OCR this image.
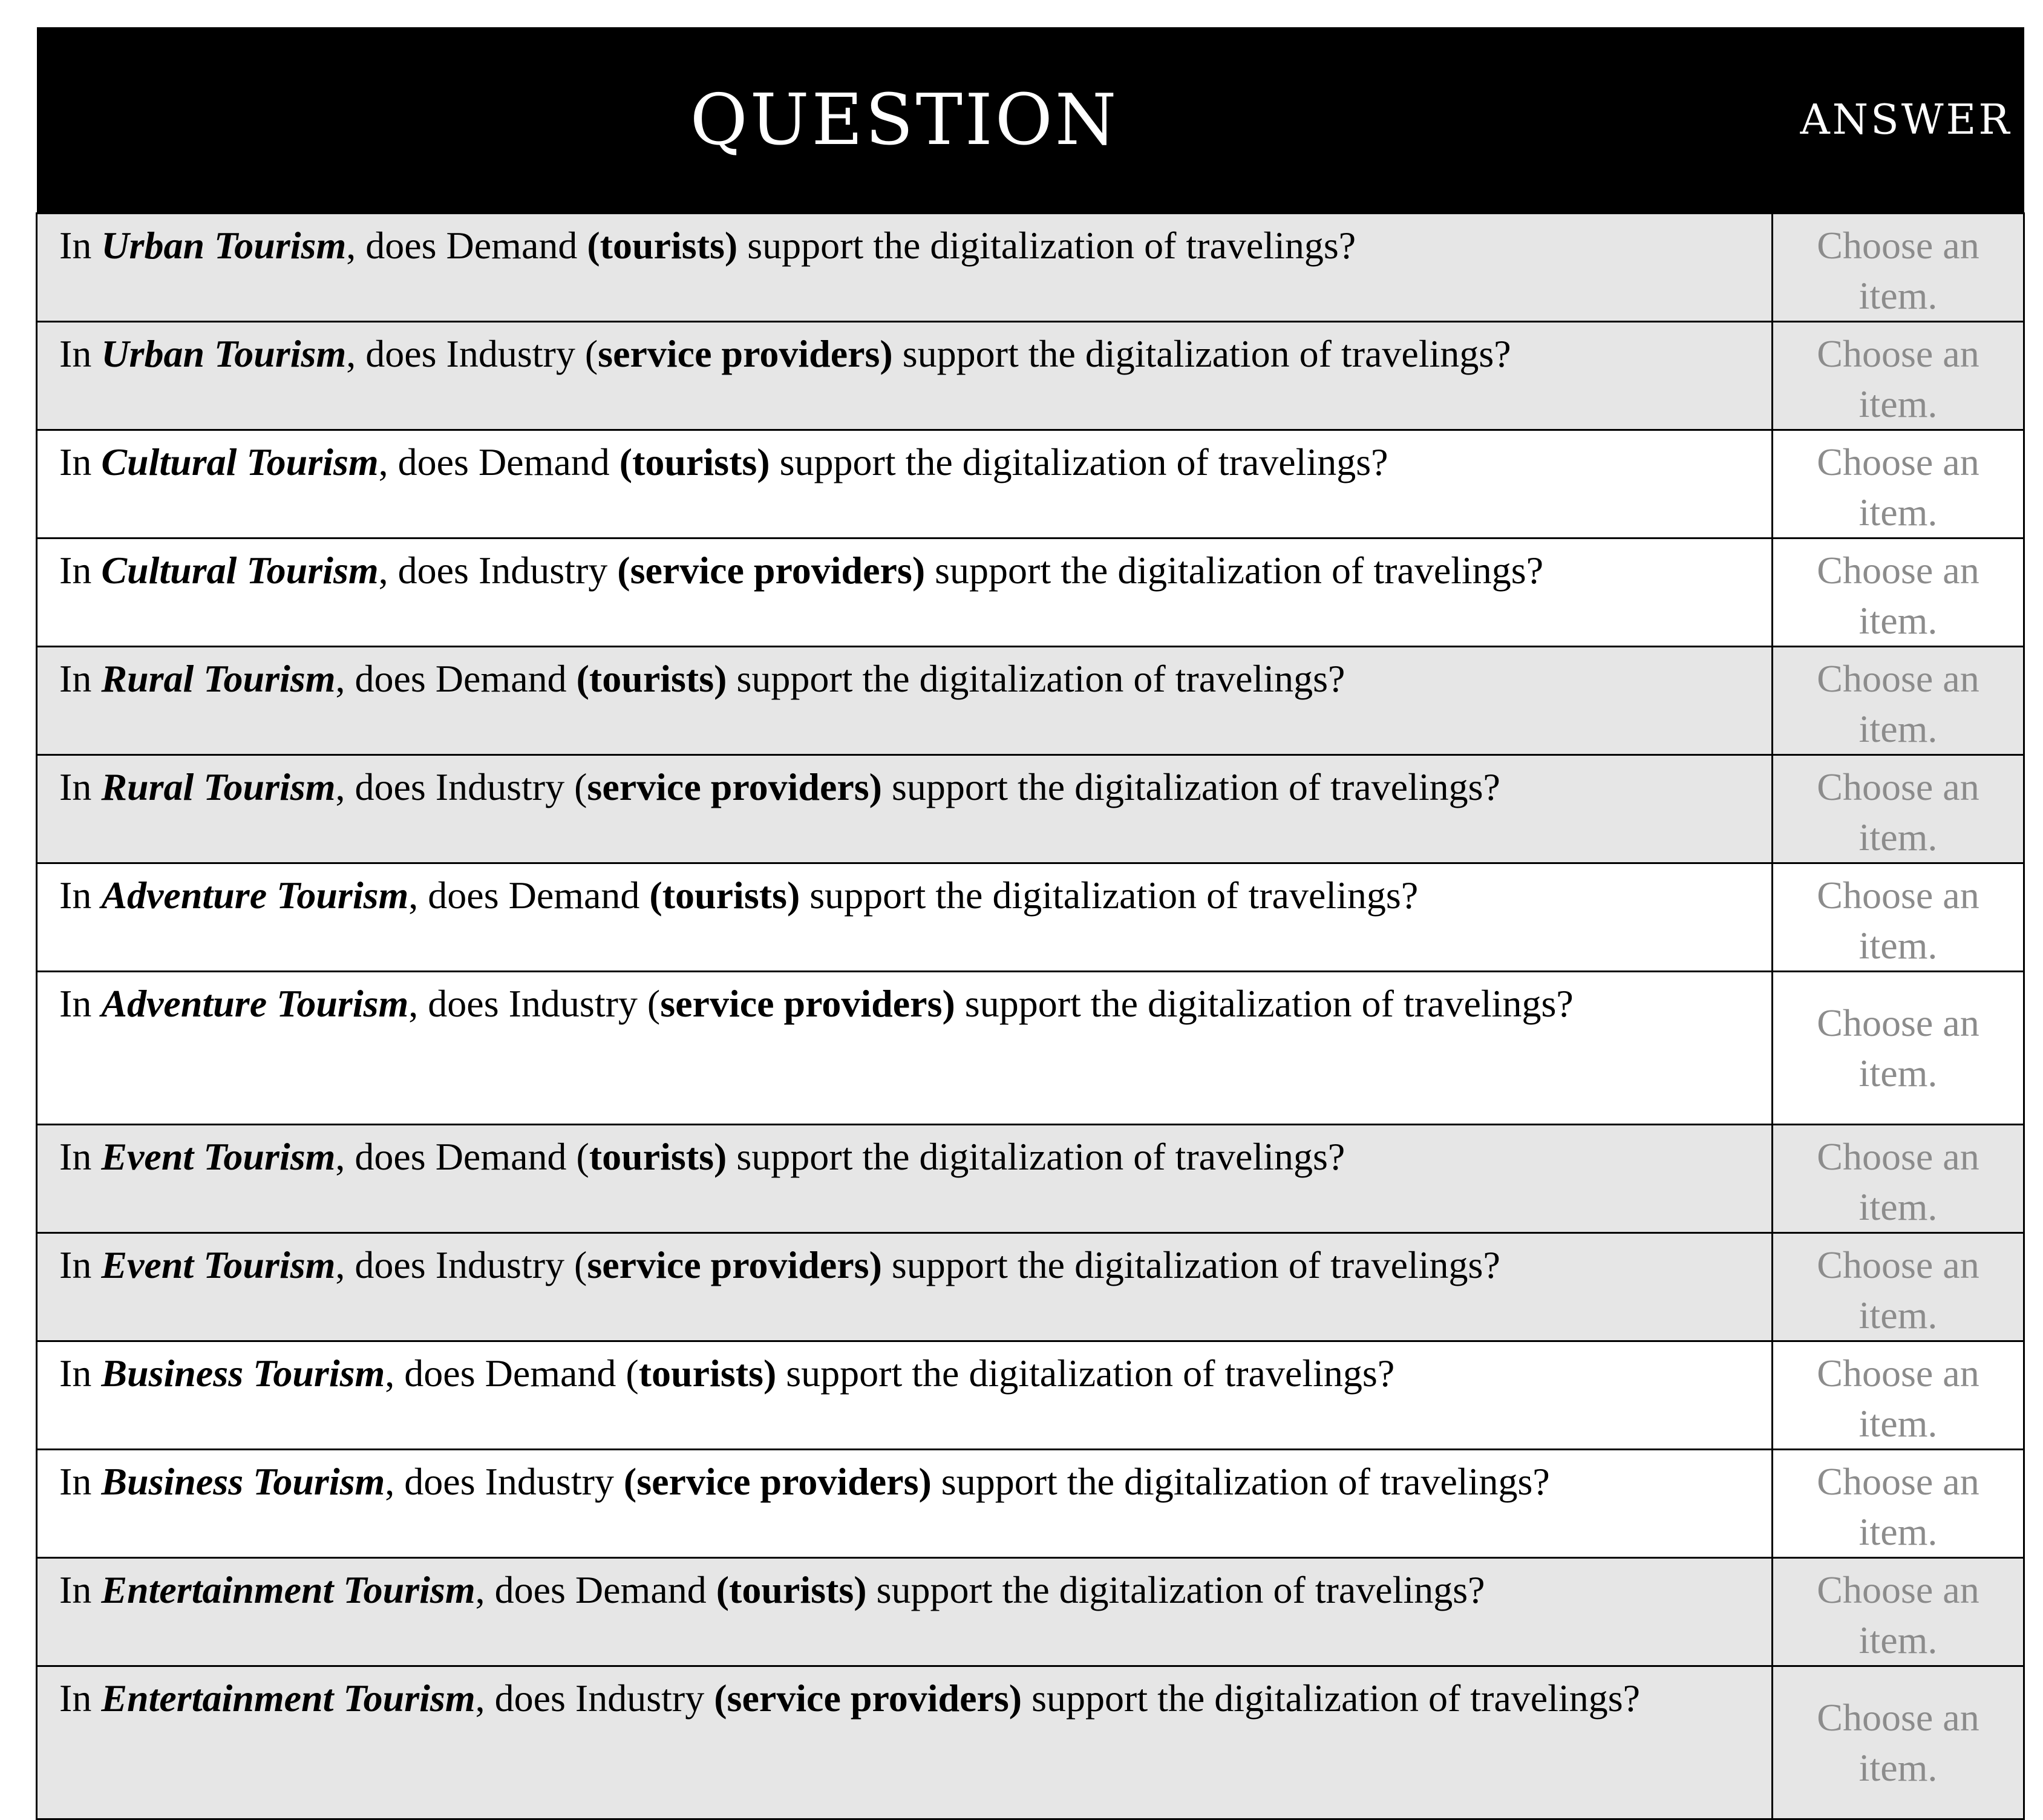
QUESTION	ANSWER
In Urban Tourism, does Demand (tourists) support the digitalization of travelings?	Choose an item.
In Urban Tourism, does Industry (service providers) support the digitalization of travelings?	Choose an item.
In Cultural Tourism, does Demand (tourists) support the digitalization of travelings?	Choose an item.
In Cultural Tourism, does Industry (service providers) support the digitalization of travelings?	Choose an item.
In Rural Tourism, does Demand (tourists) support the digitalization of travelings?	Choose an item.
In Rural Tourism, does Industry (service providers) support the digitalization of travelings?	Choose an item.
In Adventure Tourism, does Demand (tourists) support the digitalization of travelings?	Choose an item.
In Adventure Tourism, does Industry (service providers) support the digitalization of travelings?	Choose an item.
In Event Tourism, does Demand (tourists) support the digitalization of travelings?	Choose an item.
In Event Tourism, does Industry (service providers) support the digitalization of travelings?	Choose an item.
In Business Tourism, does Demand (tourists) support the digitalization of travelings?	Choose an item.
In Business Tourism, does Industry (service providers) support the digitalization of travelings?	Choose an item.
In Entertainment Tourism, does Demand (tourists) support the digitalization of travelings?	Choose an item.
In Entertainment Tourism, does Industry (service providers) support the digitalization of travelings?	Choose an item.
